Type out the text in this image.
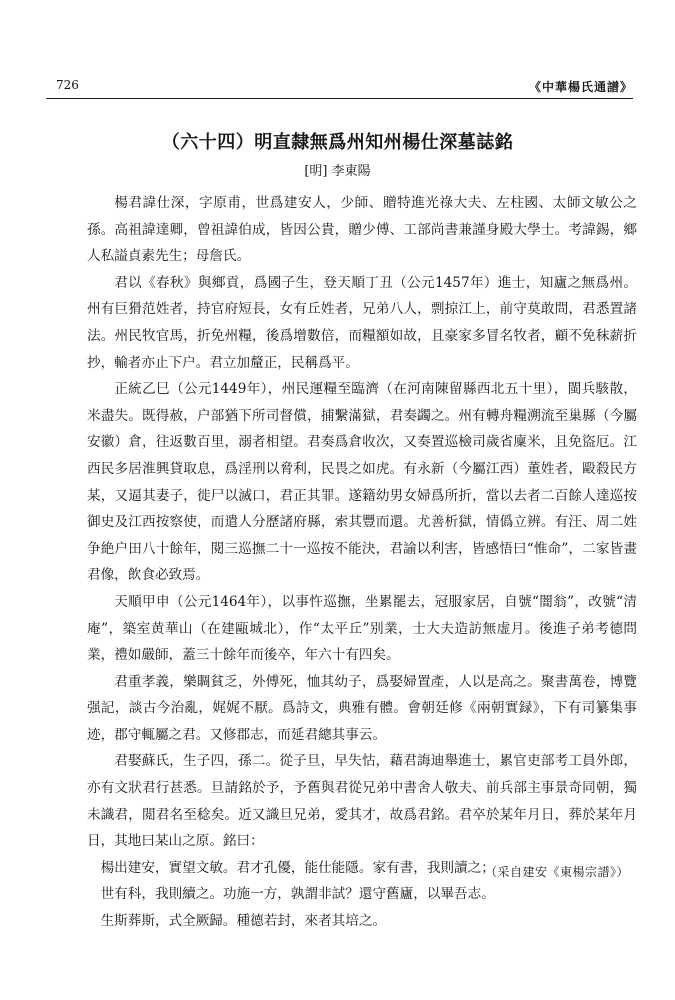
726	《中華楊氏通譜》
（六十四）明直隸無爲州知州楊仕深墓誌銘
[明] 李東陽

楊君諱仕深，字原甫，世爲建安人，少師、贈特進光祿大夫、左柱國、太師文敏公之孫。高祖諱達卿，曾祖諱伯成，皆因公貴，贈少傅、工部尚書兼謹身殿大學士。考諱錫，鄉人私謚貞素先生；母詹氏。

君以《春秋》與鄉貢，爲國子生，登天順丁丑（公元1457年）進士，知廬之無爲州。州有巨猾范姓者，持官府短長，女有丘姓者，兄弟八人，剽掠江上，前守莫敢問，君悉置諸法。州民牧官馬，折免州糧，後爲增數倍，而糧額如故，且豪家多冒名牧者，顧不免秣薪折抄，輸者亦止下户。君立加釐正，民稱爲平。

正統乙巳（公元1449年），州民運糧至臨濟（在河南陳留縣西北五十里），閩兵駭散，米盡失。既得赦，户部猶下所司督償，捕繫滿獄，君奏蠲之。州有轉舟糧溯流至巢縣（今屬安徽）倉，往返數百里，溺者相望。君奏爲倉收次，又奏置巡檢司歲省廩米，且免盜厄。江西民多居淮興貸取息，爲淫刑以脅利，民畏之如虎。有永新（今屬江西）董姓者，毆殺民方某，又逼其妻子，徙尸以滅口，君正其罪。遂籍幼男女婦爲所折，當以去者二百餘人達巡按御史及江西按察使，而遣人分歷諸府縣，索其豐而還。尤善析獄，情僞立辨。有汪、周二姓争絶户田八十餘年，閱三巡撫二十一巡按不能決，君諭以利害，皆感悟曰“惟命”，二家皆畫君像，飲食必致焉。

天順甲申（公元1464年），以事忤巡撫，坐累罷去，冠服家居，自號“闇翁”，改號“清庵”，築室黄華山（在建甌城北），作“太平丘”别業，士大夫造訪無虚月。後進子弟考德問業，禮如嚴師，蓋三十餘年而後卒，年六十有四矣。

君重孝義，樂賙貧乏，外傅死，恤其幼子，爲娶婦置產，人以是高之。聚書萬卷，博覽强記，談古今治亂，娓娓不厭。爲詩文，典雅有體。會朝廷修《兩朝實録》，下有司纂集事迹，郡守輒屬之君。又修郡志，而延君總其事云。

君娶蘇氏，生子四，孫二。從子旦，早失怙，藉君誨迪舉進士，累官吏部考工員外郎，亦有文狀君行甚悉。旦請銘於予，予舊與君從兄弟中書舍人敬夫、前兵部主事景奇同朝，獨未識君，閲君名至稔矣。近又識旦兄弟，愛其才，故爲君銘。君卒於某年月日，葬於某年月日，其地曰某山之原。銘曰：

楊出建安，實望文敏。君才孔優，能仕能隱。家有書，我則讀之；

世有科，我則續之。功施一方，孰謂非試？還守舊廬，以畢吾志。

生斯葬斯，式全厥歸。種德若封，來者其培之。

（采自建安《東楊宗譜》）
